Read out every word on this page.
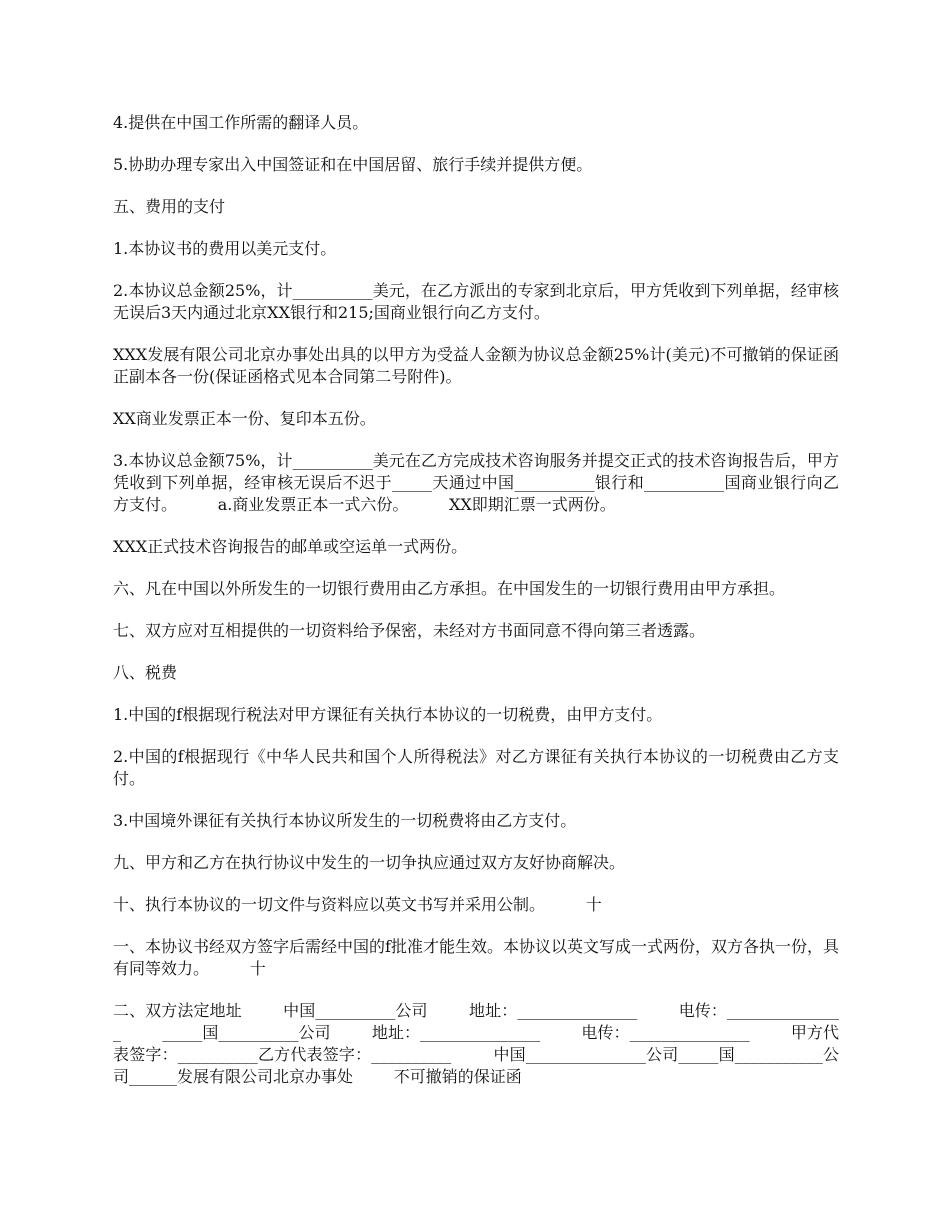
4.提供在中国工作所需的翻译人员。

5.协助办理专家出入中国签证和在中国居留、旅行手续并提供方便。

五、费用的支付

1.本协议书的费用以美元支付。

2.本协议总金额25%，计__________美元，在乙方派出的专家到北京后，甲方凭收到下列单据，经审核无误后3天内通过北京XX银行和215;国商业银行向乙方支付。

XXX发展有限公司北京办事处出具的以甲方为受益人金额为协议总金额25%计(美元)不可撤销的保证函正副本各一份(保证函格式见本合同第二号附件)。

XX商业发票正本一份、复印本五份。

3.本协议总金额75%，计__________美元在乙方完成技术咨询服务并提交正式的技术咨询报告后，甲方凭收到下列单据，经审核无误后不迟于_____天通过中国__________银行和__________国商业银行向乙方支付。        a.商业发票正本一式六份。        XX即期汇票一式两份。

XXX正式技术咨询报告的邮单或空运单一式两份。

六、凡在中国以外所发生的一切银行费用由乙方承担。在中国发生的一切银行费用由甲方承担。

七、双方应对互相提供的一切资料给予保密，未经对方书面同意不得向第三者透露。

八、税费

1.中国的f根据现行税法对甲方课征有关执行本协议的一切税费，由甲方支付。

2.中国的f根据现行《中华人民共和国个人所得税法》对乙方课征有关执行本协议的一切税费由乙方支付。

3.中国境外课征有关执行本协议所发生的一切税费将由乙方支付。

九、甲方和乙方在执行协议中发生的一切争执应通过双方友好协商解决。

十、执行本协议的一切文件与资料应以英文书写并采用公制。        十

一、本协议书经双方签字后需经中国的f批准才能生效。本协议以英文写成一式两份，双方各执一份，具有同等效力。        十

二、双方法定地址        中国__________公司        地址：_______________        电传：_______________        _____国__________公司        地址：_______________        电传：_______________        甲方代表签字：__________乙方代表签字：__________        中国_______________公司_____国___________公司______发展有限公司北京办事处        不可撤销的保证函
